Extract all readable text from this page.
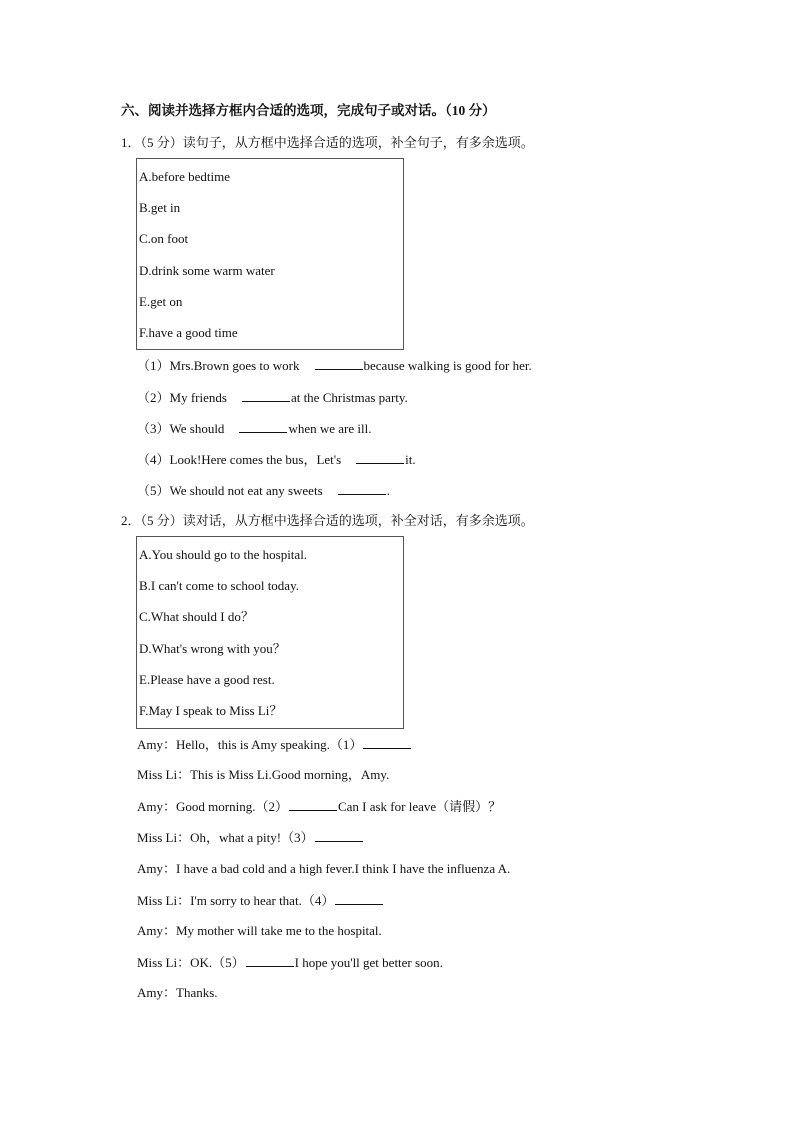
六、阅读并选择方框内合适的选项，完成句子或对话。（10 分）
1．（5 分）读句子，从方框中选择合适的选项，补全句子，有多余选项。
A.before bedtime
B.get in
C.on foot
D.drink some warm water
E.get on
F.have a good time
（1）Mrs.Brown goes to work	because walking is good for her.
（2）My friends	at the Christmas party.
（3）We should	when we are ill.
（4）Look!Here comes the bus，Let's	it.
（5）We should not eat any sweets	.
2．（5 分）读对话，从方框中选择合适的选项，补全对话，有多余选项。
A.You should go to the hospital.
B.I can't come to school today.
C.What should I do？
D.What's wrong with you？
E.Please have a good rest.
F.May I speak to Miss Li？
Amy：Hello，this is Amy speaking.（1）
Miss Li：This is Miss Li.Good morning，Amy.
Amy：Good morning.（2）	Can I ask for leave（请假）？
Miss Li：Oh，what a pity!（3）
Amy：I have a bad cold and a high fever.I think I have the influenza A.
Miss Li：I'm sorry to hear that.（4）
Amy：My mother will take me to the hospital.
Miss Li：OK.（5）	I hope you'll get better soon.
Amy：Thanks.
